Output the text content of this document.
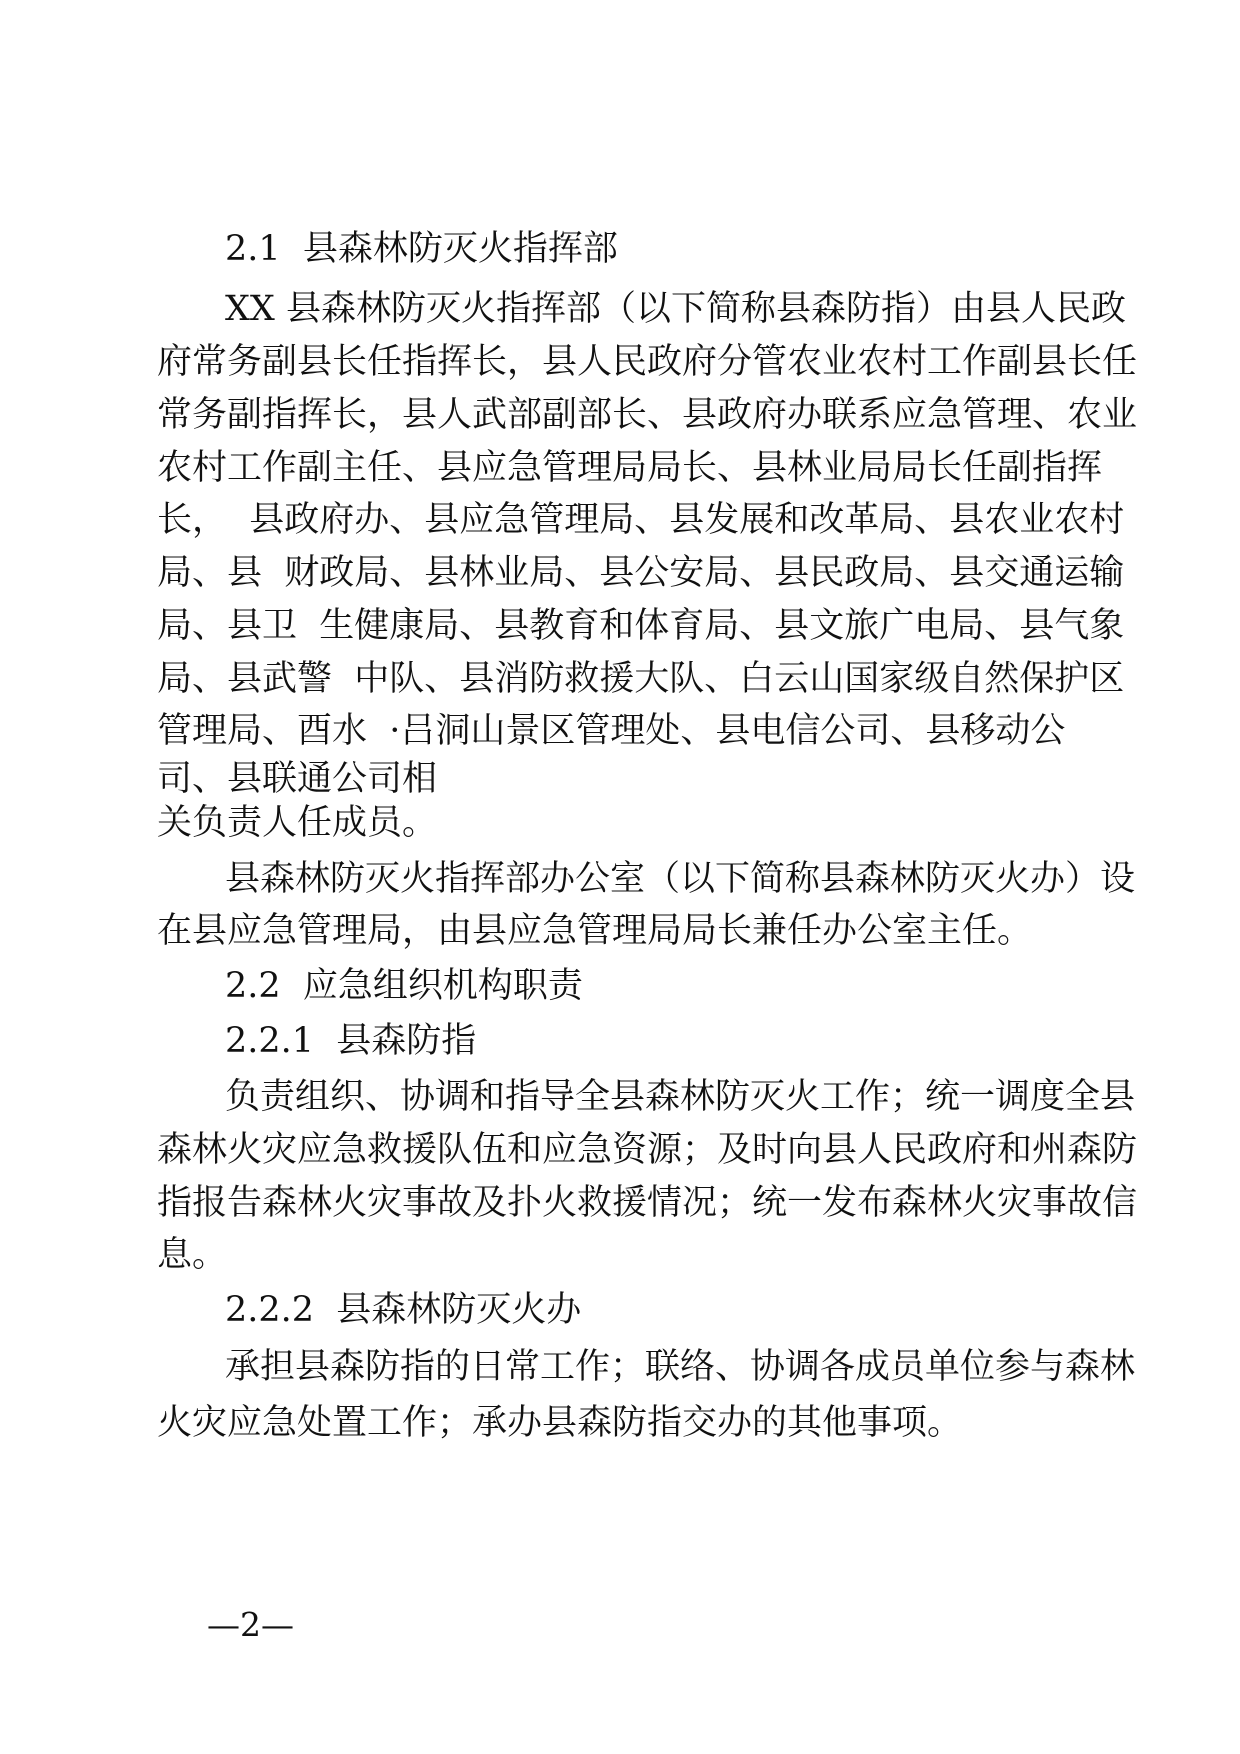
2.1  县森林防灭火指挥部

XX 县森林防灭火指挥部（以下简称县森防指）由县人民政

府常务副县长任指挥长，县人民政府分管农业农村工作副县长任

常务副指挥长，县人武部副部长、县政府办联系应急管理、农业

农村工作副主任、县应急管理局局长、县林业局局长任副指挥

长，  县政府办、县应急管理局、县发展和改革局、县农业农村

局、县  财政局、县林业局、县公安局、县民政局、县交通运输

局、县卫  生健康局、县教育和体育局、县文旅广电局、县气象

局、县武警  中队、县消防救援大队、白云山国家级自然保护区

管理局、酉水  ·吕洞山景区管理处、县电信公司、县移动公

司、县联通公司相

关负责人任成员。

县森林防灭火指挥部办公室（以下简称县森林防灭火办）设

在县应急管理局，由县应急管理局局长兼任办公室主任。

2.2  应急组织机构职责

2.2.1  县森防指

负责组织、协调和指导全县森林防灭火工作；统一调度全县

森林火灾应急救援队伍和应急资源；及时向县人民政府和州森防

指报告森林火灾事故及扑火救援情况；统一发布森林火灾事故信

息。

2.2.2  县森林防灭火办

承担县森防指的日常工作；联络、协调各成员单位参与森林

火灾应急处置工作；承办县森防指交办的其他事项。

—2—
